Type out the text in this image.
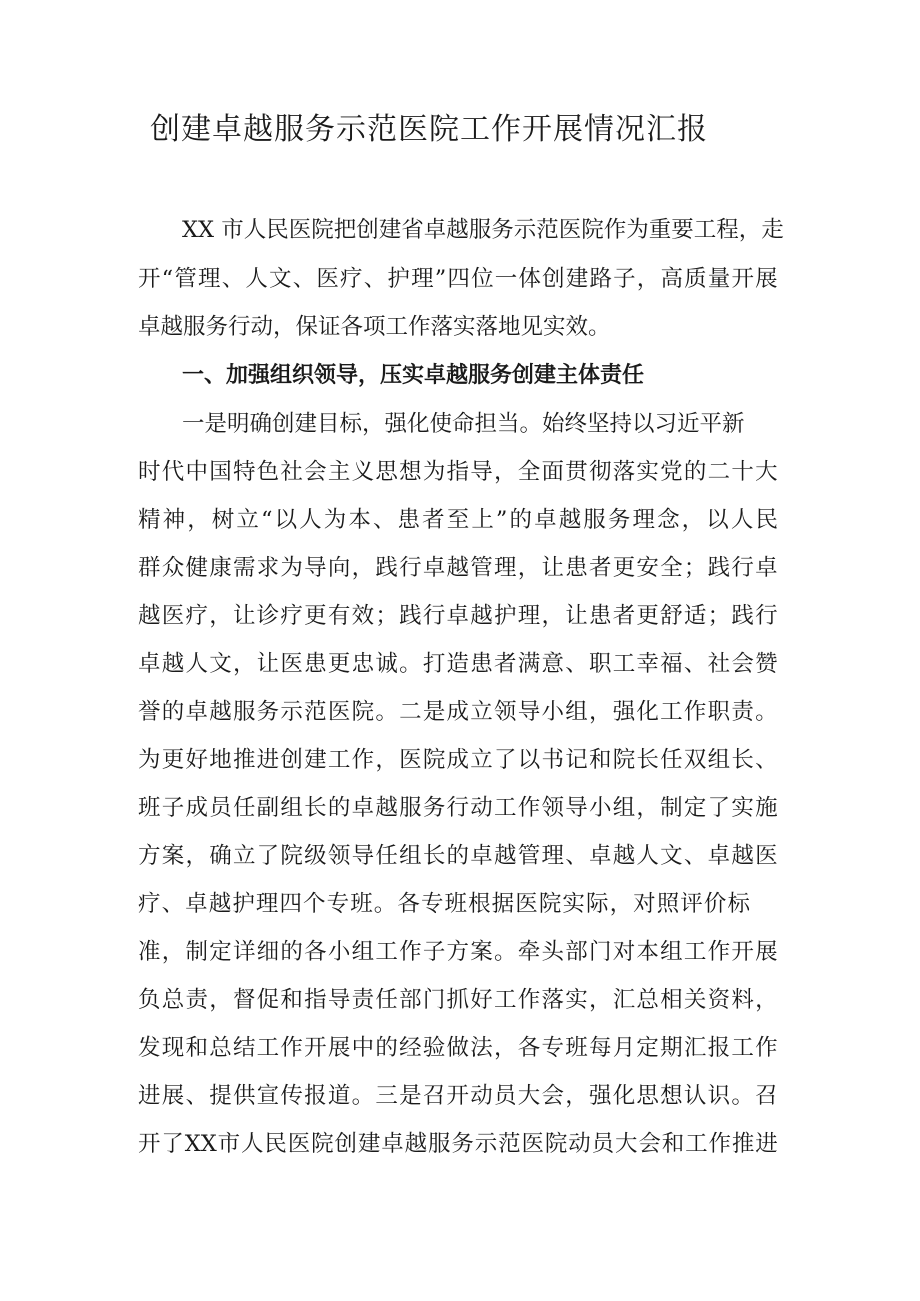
创建卓越服务示范医院工作开展情况汇报

XX 市人民医院把创建省卓越服务示范医院作为重要工程，走

开 “ 管 理 、 人 文 、 医 疗 、 护 理 ” 四 位 一 体 创 建 路 子 ， 高 质 量 开 展

卓越服务行动，保证各项工作落实落地见实效。

一、加强组织领导，压实卓越服务创建主体责任

一是明确创建目标，强化使命担当。始终坚持以习近平新

时 代 中 国 特 色 社 会 主 义 思 想 为 指 导 ， 全 面 贯 彻 落 实 党 的 二 十 大

精 神 ， 树 立 “ 以 人 为 本 、 患 者 至 上 ” 的 卓 越 服 务 理 念 ， 以 人 民

群 众 健 康 需 求 为 导 向 ， 践 行 卓 越 管 理 ， 让 患 者 更 安 全 ； 践 行 卓

越 医 疗 ， 让 诊 疗 更 有 效 ； 践 行 卓 越 护 理 ， 让 患 者 更 舒 适 ； 践 行

卓 越 人 文 ， 让 医 患 更 忠 诚 。 打 造 患 者 满 意 、 职 工 幸 福 、 社 会 赞

誉 的 卓 越 服 务 示 范 医 院 。 二 是 成 立 领 导 小 组 ， 强 化 工 作 职 责 。

为 更 好 地 推 进 创 建 工 作 ， 医 院 成 立 了 以 书 记 和 院 长 任 双 组 长 、

班 子 成 员 任 副 组 长 的 卓 越 服 务 行 动 工 作 领 导 小 组 ， 制 定 了 实 施

方 案 ， 确 立 了 院 级 领 导 任 组 长 的 卓 越 管 理 、 卓 越 人 文 、 卓 越 医

疗 、 卓 越 护 理 四 个 专 班 。 各 专 班 根 据 医 院 实 际 ， 对 照 评 价 标

准 ， 制 定 详 细 的 各 小 组 工 作 子 方 案 。 牵 头 部 门 对 本 组 工 作 开 展

负 总 责 ， 督 促 和 指 导 责 任 部 门 抓 好 工 作 落 实 ， 汇 总 相 关 资 料 ，

发 现 和 总 结 工 作 开 展 中 的 经 验 做 法 ， 各 专 班 每 月 定 期 汇 报 工 作

进 展 、 提 供 宣 传 报 道 。 三 是 召 开 动 员 大 会 ， 强 化 思 想 认 识 。 召

开 了 XX 市 人 民 医 院 创 建 卓 越 服 务 示 范 医 院 动 员 大 会 和 工 作 推 进
